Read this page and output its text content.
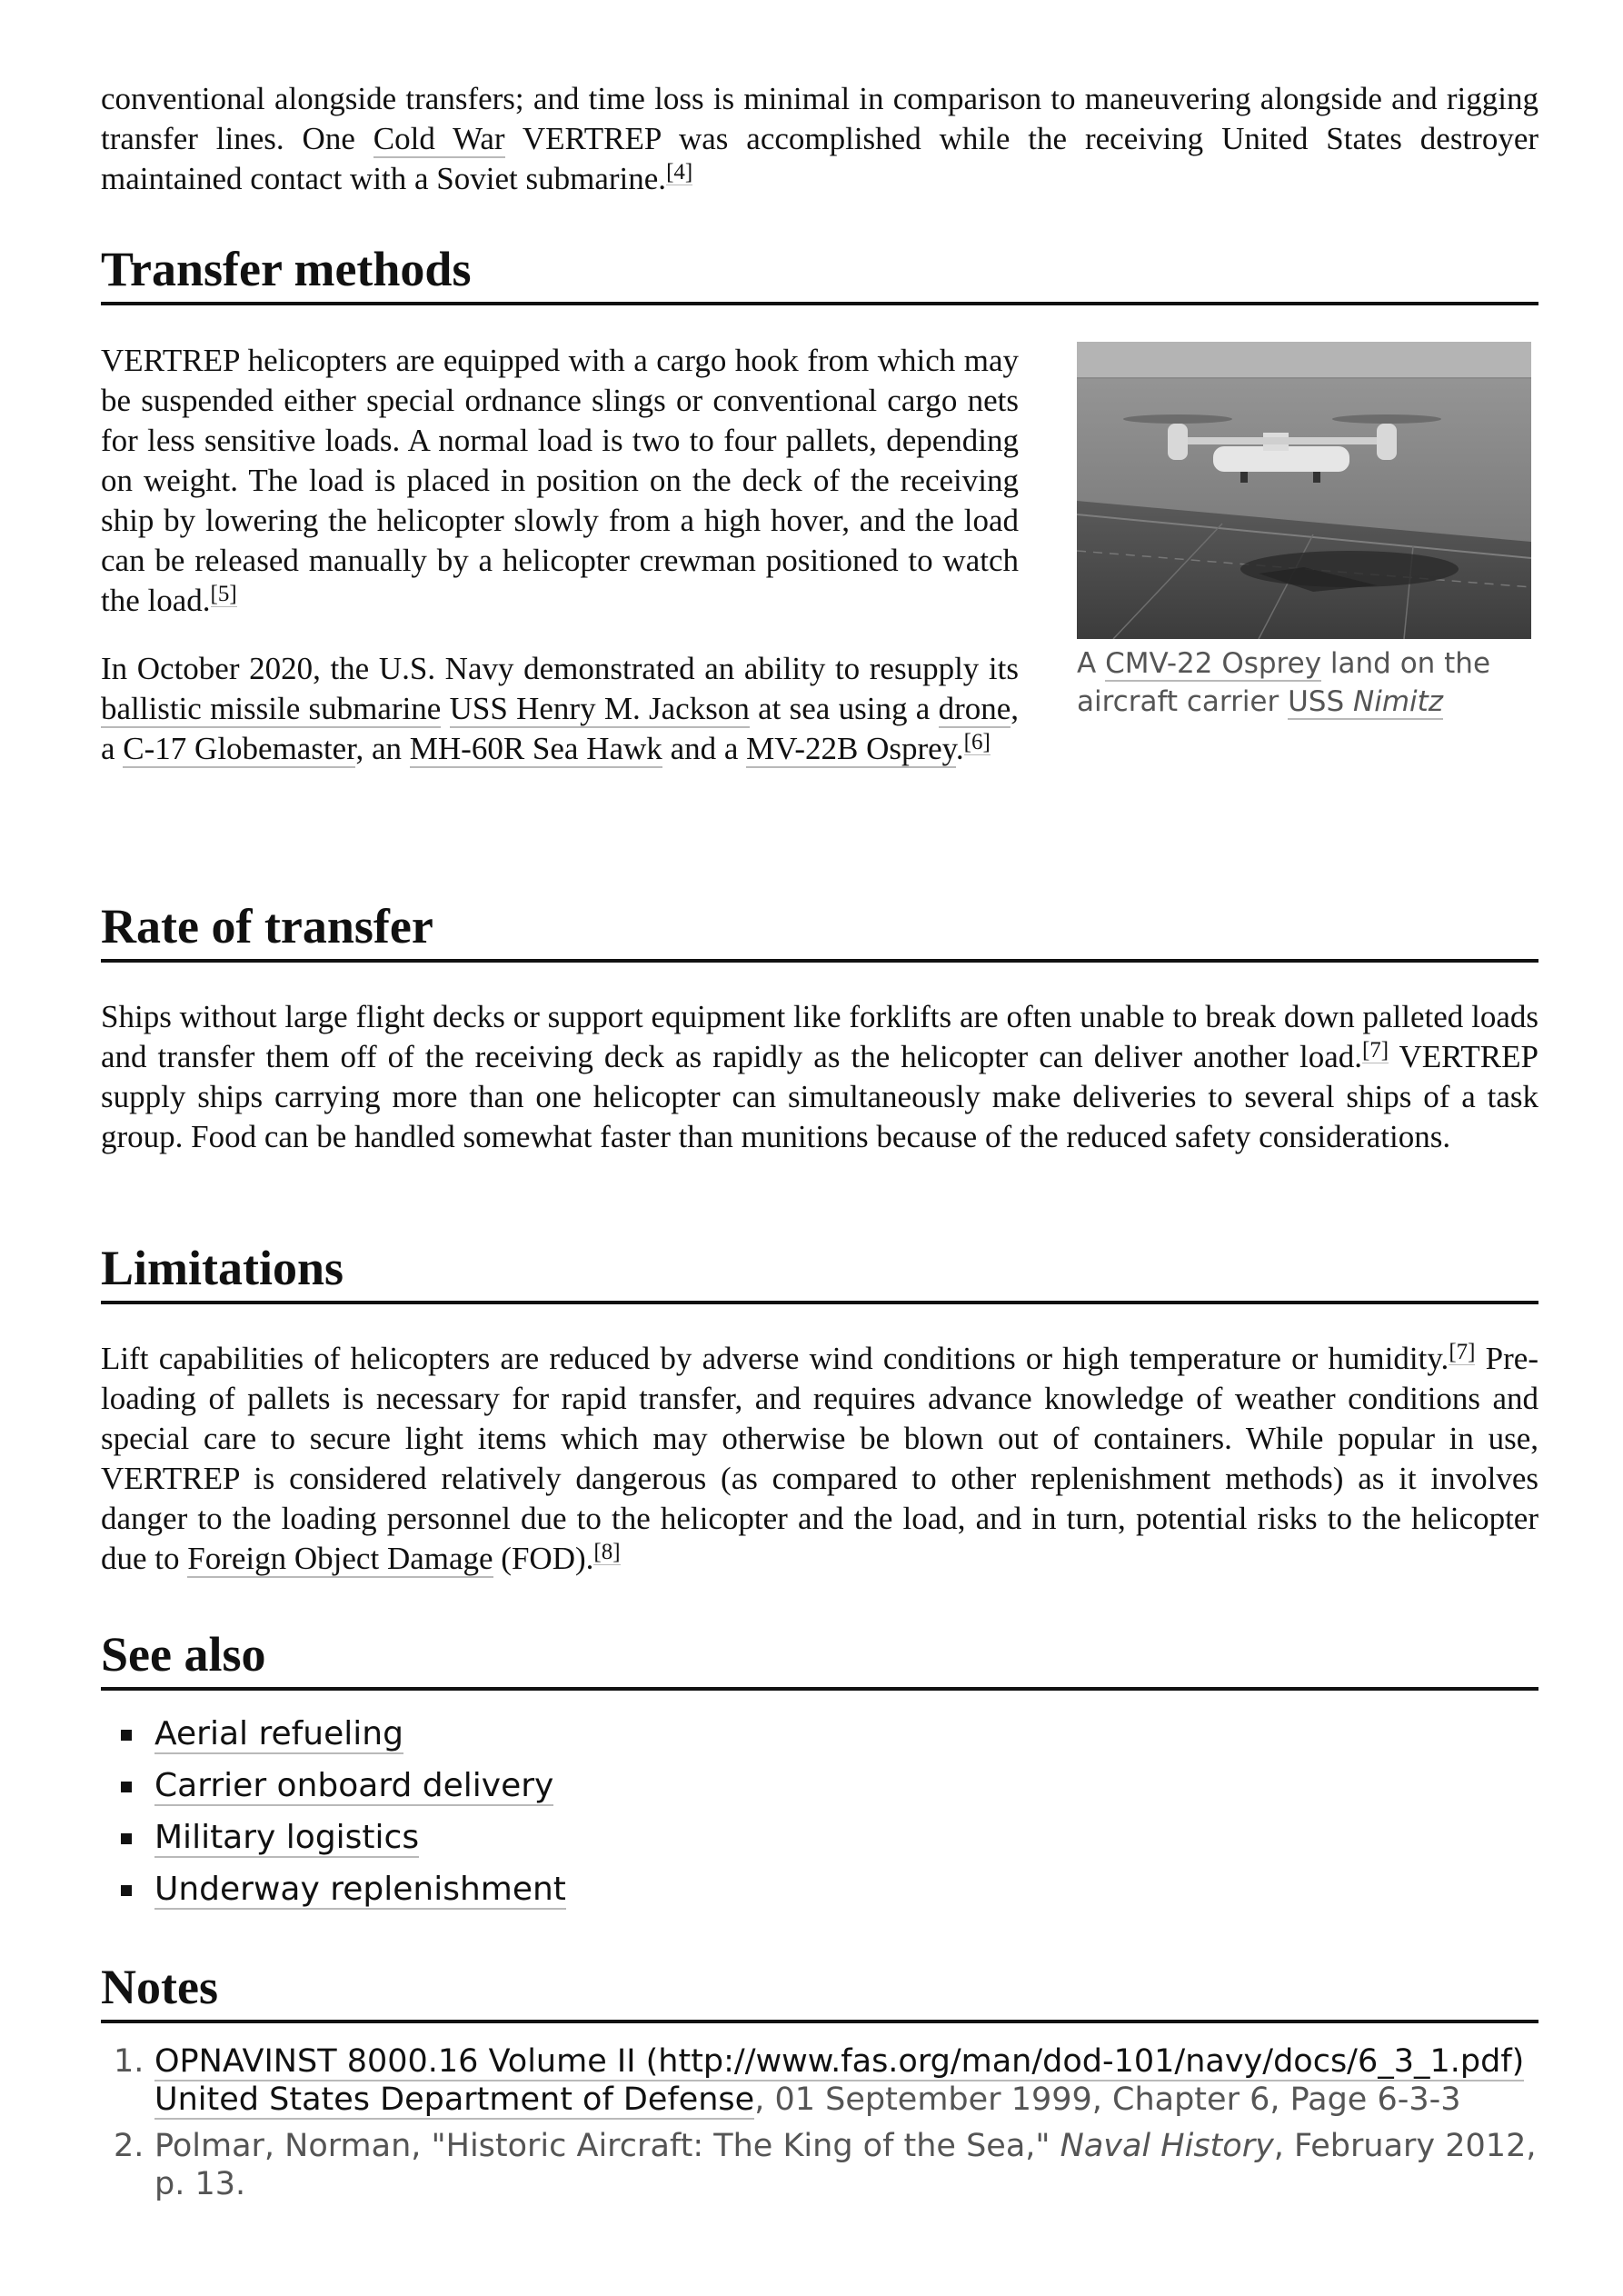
conventional alongside transfers; and time loss is minimal in comparison to maneuvering alongside and rigging transfer lines. One Cold War VERTREP was accomplished while the receiving United States destroyer maintained contact with a Soviet submarine.[4]

Transfer methods

VERTREP helicopters are equipped with a cargo hook from which may be suspended either special ordnance slings or conventional cargo nets for less sensitive loads. A normal load is two to four pallets, depending on weight. The load is placed in position on the deck of the receiving ship by lowering the helicopter slowly from a high hover, and the load can be released manually by a helicopter crewman positioned to watch the load.[5]

In October 2020, the U.S. Navy demonstrated an ability to resupply its ballistic missile submarine USS Henry M. Jackson at sea using a drone, a C-17 Globemaster, an MH-60R Sea Hawk and a MV-22B Osprey.[6]

A CMV-22 Osprey land on the aircraft carrier USS Nimitz
Rate of transfer

Ships without large flight decks or support equipment like forklifts are often unable to break down palleted loads and transfer them off of the receiving deck as rapidly as the helicopter can deliver another load.[7] VERTREP supply ships carrying more than one helicopter can simultaneously make deliveries to several ships of a task group. Food can be handled somewhat faster than munitions because of the reduced safety considerations.

Limitations

Lift capabilities of helicopters are reduced by adverse wind conditions or high temperature or humidity.[7] Pre-loading of pallets is necessary for rapid transfer, and requires advance knowledge of weather conditions and special care to secure light items which may otherwise be blown out of containers. While popular in use, VERTREP is considered relatively dangerous (as compared to other replenishment methods) as it involves danger to the loading personnel due to the helicopter and the load, and in turn, potential risks to the helicopter due to Foreign Object Damage (FOD).[8]

See also
Aerial refueling
Carrier onboard delivery
Military logistics
Underway replenishment
Notes
1. OPNAVINST 8000.16 Volume II (http://www.fas.org/man/dod-101/navy/docs/6_3_1.pdf) United States Department of Defense, 01 September 1999, Chapter 6, Page 6-3-3
2. Polmar, Norman, "Historic Aircraft: The King of the Sea," Naval History, February 2012, p. 13.
